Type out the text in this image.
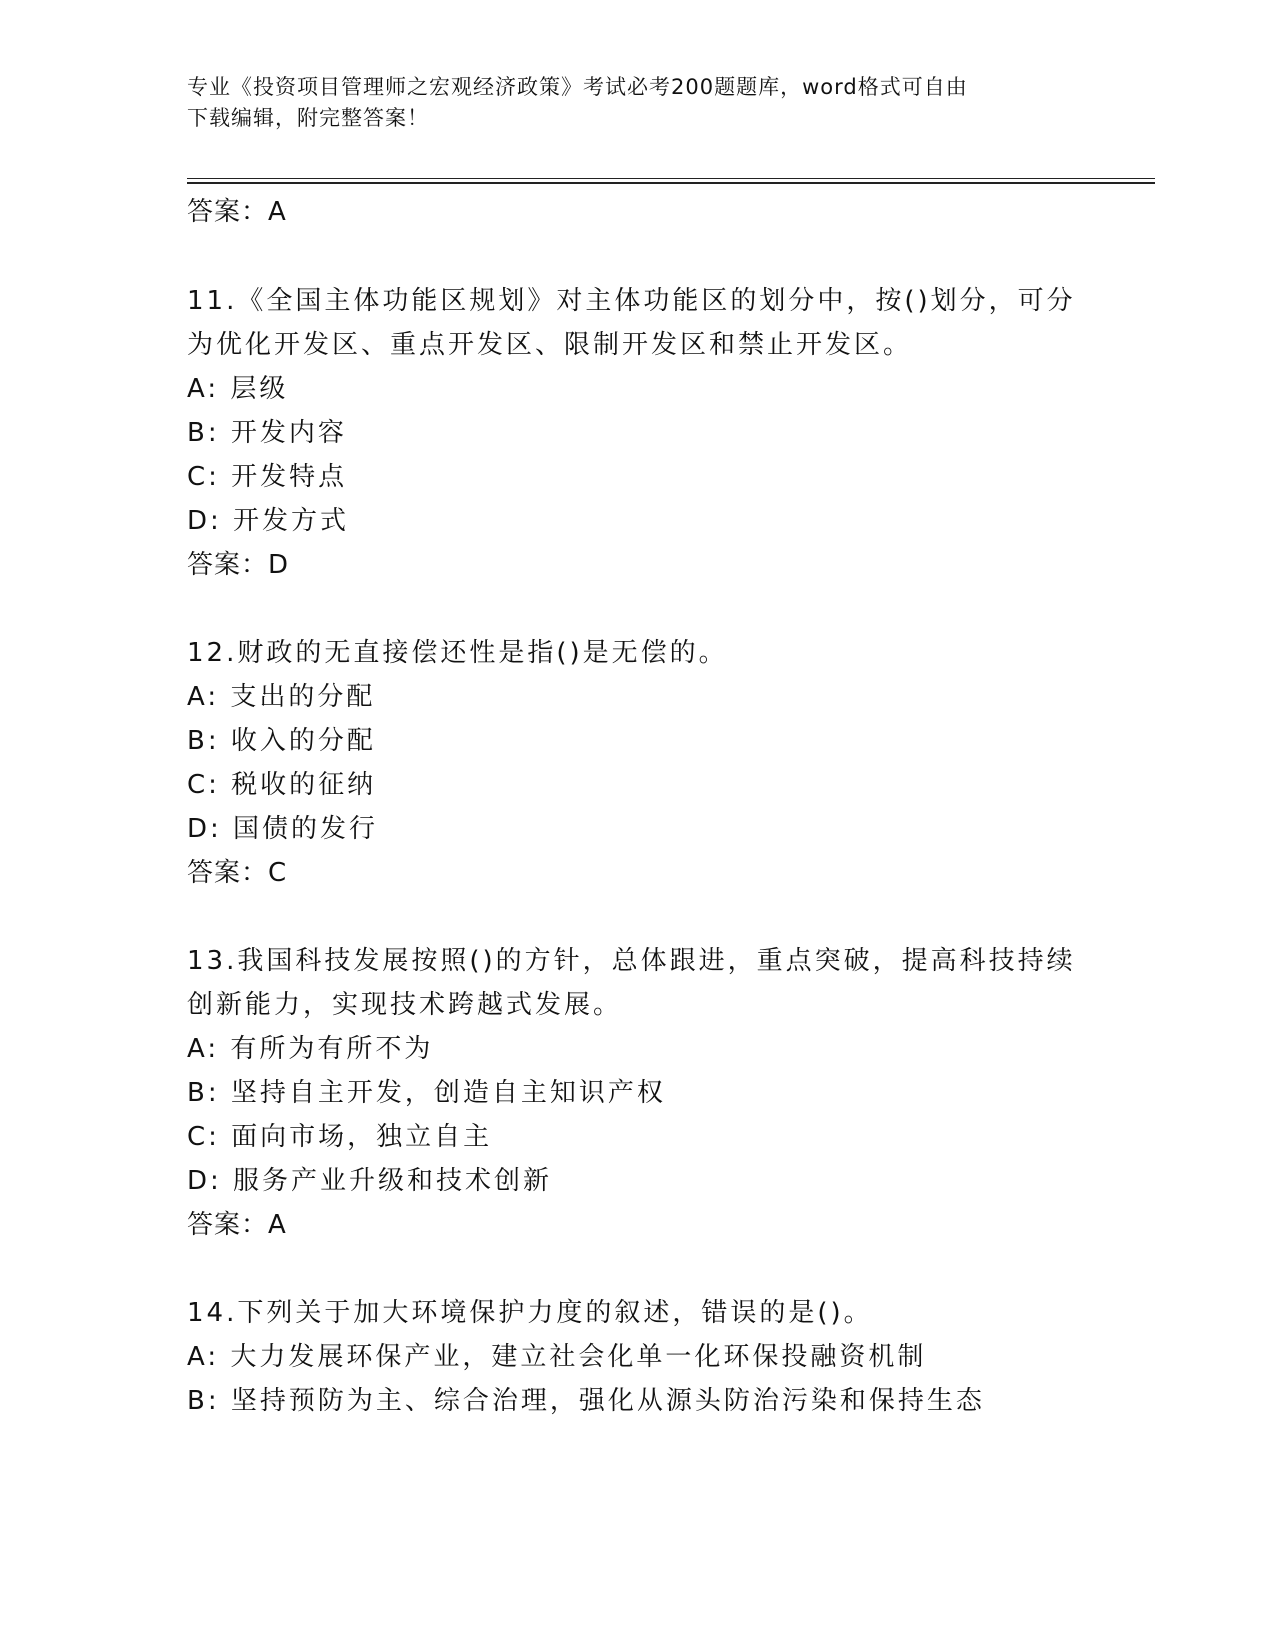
专业《投资项目管理师之宏观经济政策》考试必考200题题库，word格式可自由
下载编辑，附完整答案！
答案：A
11.《全国主体功能区规划》对主体功能区的划分中，按()划分，可分
为优化开发区、重点开发区、限制开发区和禁止开发区。
A: 层级
B: 开发内容
C: 开发特点
D: 开发方式
答案：D
12.财政的无直接偿还性是指()是无偿的。
A: 支出的分配
B: 收入的分配
C: 税收的征纳
D: 国债的发行
答案：C
13.我国科技发展按照()的方针，总体跟进，重点突破，提高科技持续
创新能力，实现技术跨越式发展。
A: 有所为有所不为
B: 坚持自主开发，创造自主知识产权
C: 面向市场，独立自主
D: 服务产业升级和技术创新
答案：A
14.下列关于加大环境保护力度的叙述，错误的是()。
A: 大力发展环保产业，建立社会化单一化环保投融资机制
B: 坚持预防为主、综合治理，强化从源头防治污染和保持生态
